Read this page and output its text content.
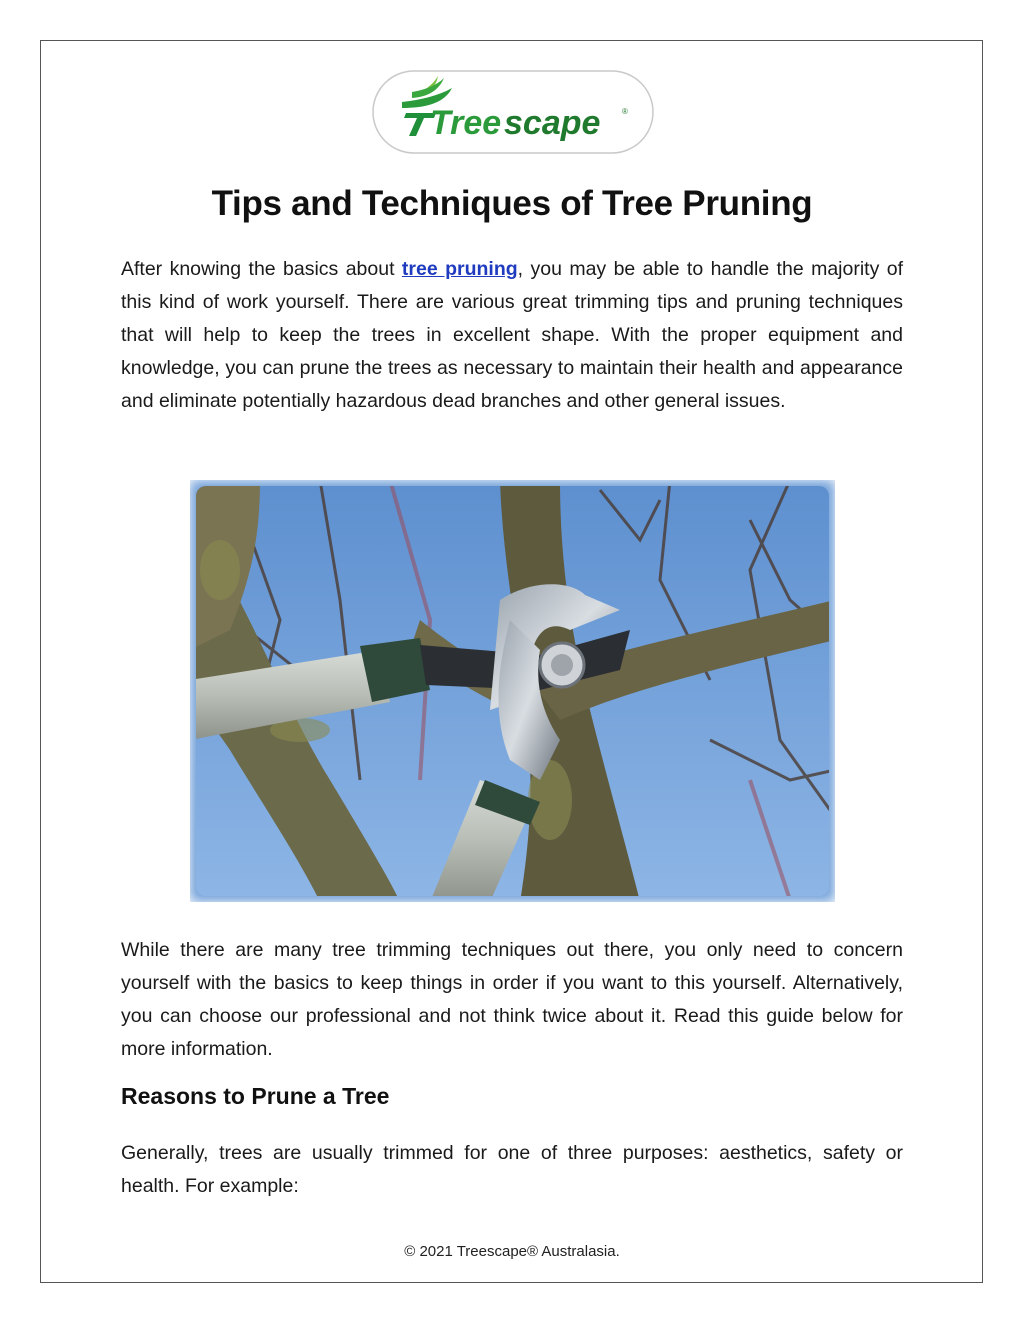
Tree scape	®
Tips and Techniques of Tree Pruning

After knowing the basics about tree pruning, you may be able to handle the majority of this kind of work yourself. There are various great trimming tips and pruning techniques that will help to keep the trees in excellent shape. With the proper equipment and knowledge, you can prune the trees as necessary to maintain their health and appearance and eliminate potentially hazardous dead branches and other general issues.

While there are many tree trimming techniques out there, you only need to concern yourself with the basics to keep things in order if you want to this yourself. Alternatively, you can choose our professional and not think twice about it. Read this guide below for more information.

Reasons to Prune a Tree

Generally, trees are usually trimmed for one of three purposes: aesthetics, safety or health. For example:

© 2021 Treescape® Australasia.
